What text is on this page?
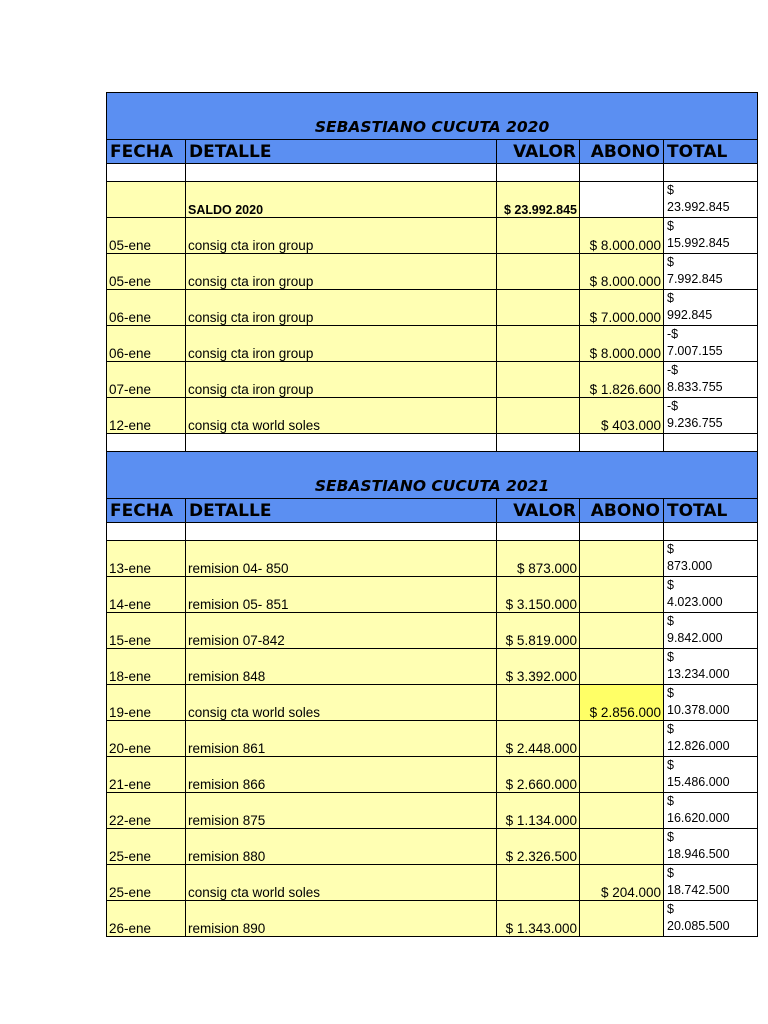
SEBASTIANO CUCUTA 2020				
FECHA	DETALLE	VALOR	ABONO	TOTAL

	SALDO 2020	$ 23.992.845		$
23.992.845

05-ene	consig cta iron group		$ 8.000.000	$
15.992.845

05-ene	consig cta iron group		$ 8.000.000	$
7.992.845

06-ene	consig cta iron group		$ 7.000.000	$
992.845

06-ene	consig cta iron group		$ 8.000.000	-$
7.007.155

07-ene	consig cta iron group		$ 1.826.600	-$
8.833.755

12-ene	consig cta world soles		$ 403.000	-$
9.236.755

SEBASTIANO CUCUTA 2021				
FECHA	DETALLE	VALOR	ABONO	TOTAL

13-ene	remision 04- 850	$ 873.000		$
873.000

14-ene	remision 05- 851	$ 3.150.000		$
4.023.000

15-ene	remision 07-842	$ 5.819.000		$
9.842.000

18-ene	remision 848	$ 3.392.000		$
13.234.000

19-ene	consig cta world soles		$ 2.856.000	$
10.378.000

20-ene	remision 861	$ 2.448.000		$
12.826.000

21-ene	remision 866	$ 2.660.000		$
15.486.000

22-ene	remision 875	$ 1.134.000		$
16.620.000

25-ene	remision 880	$ 2.326.500		$
18.946.500

25-ene	consig cta world soles		$ 204.000	$
18.742.500

26-ene	remision 890	$ 1.343.000		$
20.085.500
